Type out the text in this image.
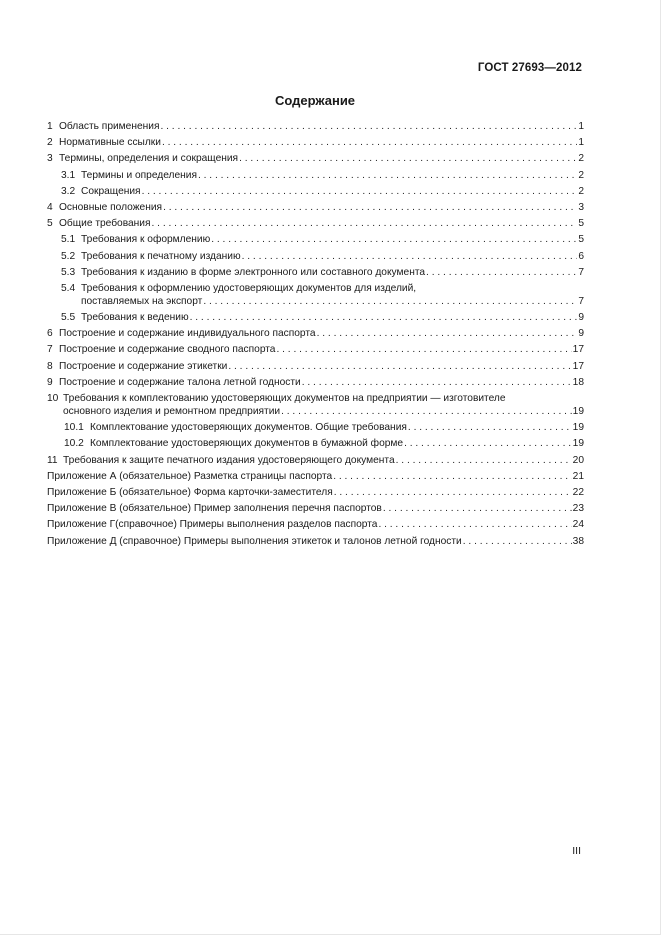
ГОСТ 27693—2012
Содержание
1 Область применения . . .	1
2 Нормативные ссылки . . .	1
3 Термины, определения и сокращения . . .	2
3.1 Термины и определения . . .	2
3.2 Сокращения . . .	2
4 Основные положения . . .	3
5 Общие требования . . .	5
5.1 Требования к оформлению . . .	5
5.2 Требования к печатному изданию . . .	6
5.3 Требования к изданию в форме электронного или составного документа . . .	7
5.4 Требования к оформлению удостоверяющих документов для изделий,
поставляемых на экспорт . . .	7
5.5 Требования к ведению . . .	9
6 Построение и содержание индивидуального паспорта . . .	9
7 Построение и содержание сводного паспорта . . .	17
8 Построение и содержание этикетки . . .	17
9 Построение и содержание талона летной годности . . .	18
10 Требования к комплектованию удостоверяющих документов на предприятии — изготовителе
основного изделия и ремонтном предприятии . . .	19
10.1 Комплектование удостоверяющих документов. Общие требования . . .	19
10.2 Комплектование удостоверяющих документов в бумажной форме . . .	19
11 Требования к защите печатного издания удостоверяющего документа . . .	20
Приложение А (обязательное) Разметка страницы паспорта . . .	21
Приложение Б (обязательное) Форма карточки-заместителя . . .	22
Приложение В (обязательное) Пример заполнения перечня паспортов . . .	23
Приложение Г(справочное) Примеры выполнения разделов паспорта . . .	24
Приложение Д (справочное) Примеры выполнения этикеток и талонов летной годности . . .	38
III
